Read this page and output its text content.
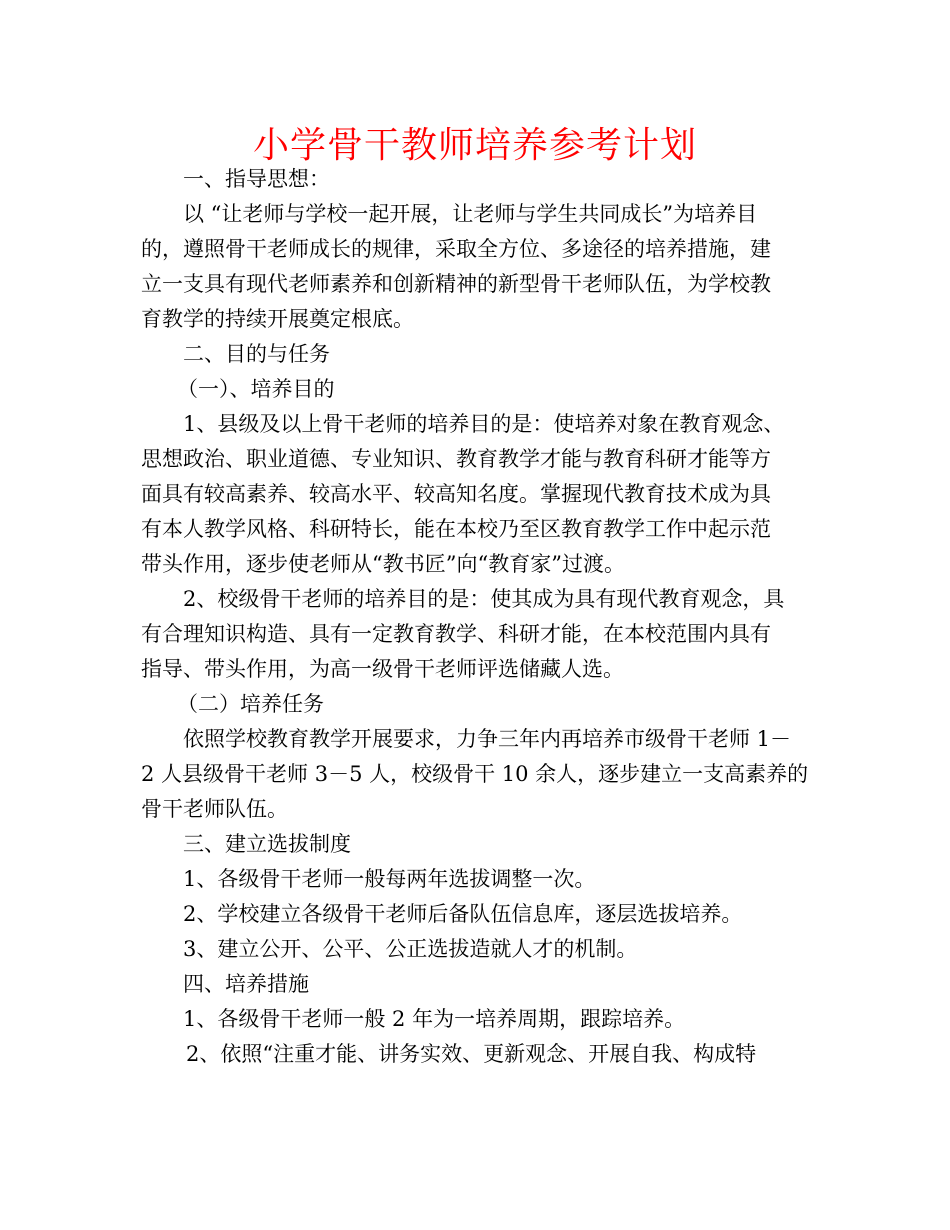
小学骨干教师培养参考计划

一、指导思想：

以 “让老师与学校一起开展，让老师与学生共同成长”为培养目

的，遵照骨干老师成长的规律，采取全方位、多途径的培养措施，建

立一支具有现代老师素养和创新精神的新型骨干老师队伍，为学校教

育教学的持续开展奠定根底。

二、目的与任务

（一）、培养目的

1、县级及以上骨干老师的培养目的是：使培养对象在教育观念、

思想政治、职业道德、专业知识、教育教学才能与教育科研才能等方

面具有较高素养、较高水平、较高知名度。掌握现代教育技术成为具

有本人教学风格、科研特长，能在本校乃至区教育教学工作中起示范

带头作用，逐步使老师从“教书匠”向“教育家”过渡。

2、校级骨干老师的培养目的是：使其成为具有现代教育观念，具

有合理知识构造、具有一定教育教学、科研才能，在本校范围内具有

指导、带头作用，为高一级骨干老师评选储藏人选。

（二）培养任务

依照学校教育教学开展要求，力争三年内再培养市级骨干老师 1－

2 人县级骨干老师 3－5 人，校级骨干 10 余人，逐步建立一支高素养的

骨干老师队伍。

三、建立选拔制度

1、各级骨干老师一般每两年选拔调整一次。

2、学校建立各级骨干老师后备队伍信息库，逐层选拔培养。

3、建立公开、公平、公正选拔造就人才的机制。

四、培养措施

1、各级骨干老师一般 2 年为一培养周期，跟踪培养。

2、依照“注重才能、讲务实效、更新观念、开展自我、构成特
